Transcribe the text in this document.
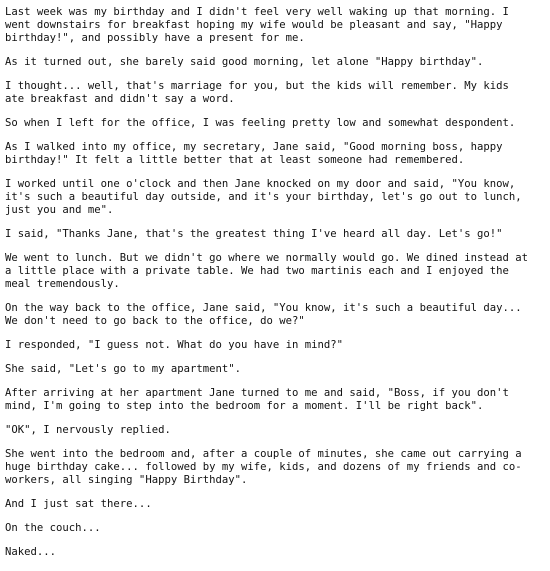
Last week was my birthday and I didn't feel very well waking up that morning. I
went downstairs for breakfast hoping my wife would be pleasant and say, "Happy
birthday!", and possibly have a present for me.

As it turned out, she barely said good morning, let alone "Happy birthday".

I thought... well, that's marriage for you, but the kids will remember. My kids
ate breakfast and didn't say a word.

So when I left for the office, I was feeling pretty low and somewhat despondent.

As I walked into my office, my secretary, Jane said, "Good morning boss, happy
birthday!" It felt a little better that at least someone had remembered.

I worked until one o'clock and then Jane knocked on my door and said, "You know,
it's such a beautiful day outside, and it's your birthday, let's go out to lunch,
just you and me".

I said, "Thanks Jane, that's the greatest thing I've heard all day. Let's go!"

We went to lunch. But we didn't go where we normally would go. We dined instead at
a little place with a private table. We had two martinis each and I enjoyed the
meal tremendously.

On the way back to the office, Jane said, "You know, it's such a beautiful day...
We don't need to go back to the office, do we?"

I responded, "I guess not. What do you have in mind?"

She said, "Let's go to my apartment".

After arriving at her apartment Jane turned to me and said, "Boss, if you don't
mind, I'm going to step into the bedroom for a moment. I'll be right back".

"OK", I nervously replied.

She went into the bedroom and, after a couple of minutes, she came out carrying a
huge birthday cake... followed by my wife, kids, and dozens of my friends and co-
workers, all singing "Happy Birthday".

And I just sat there...

On the couch...

Naked...
